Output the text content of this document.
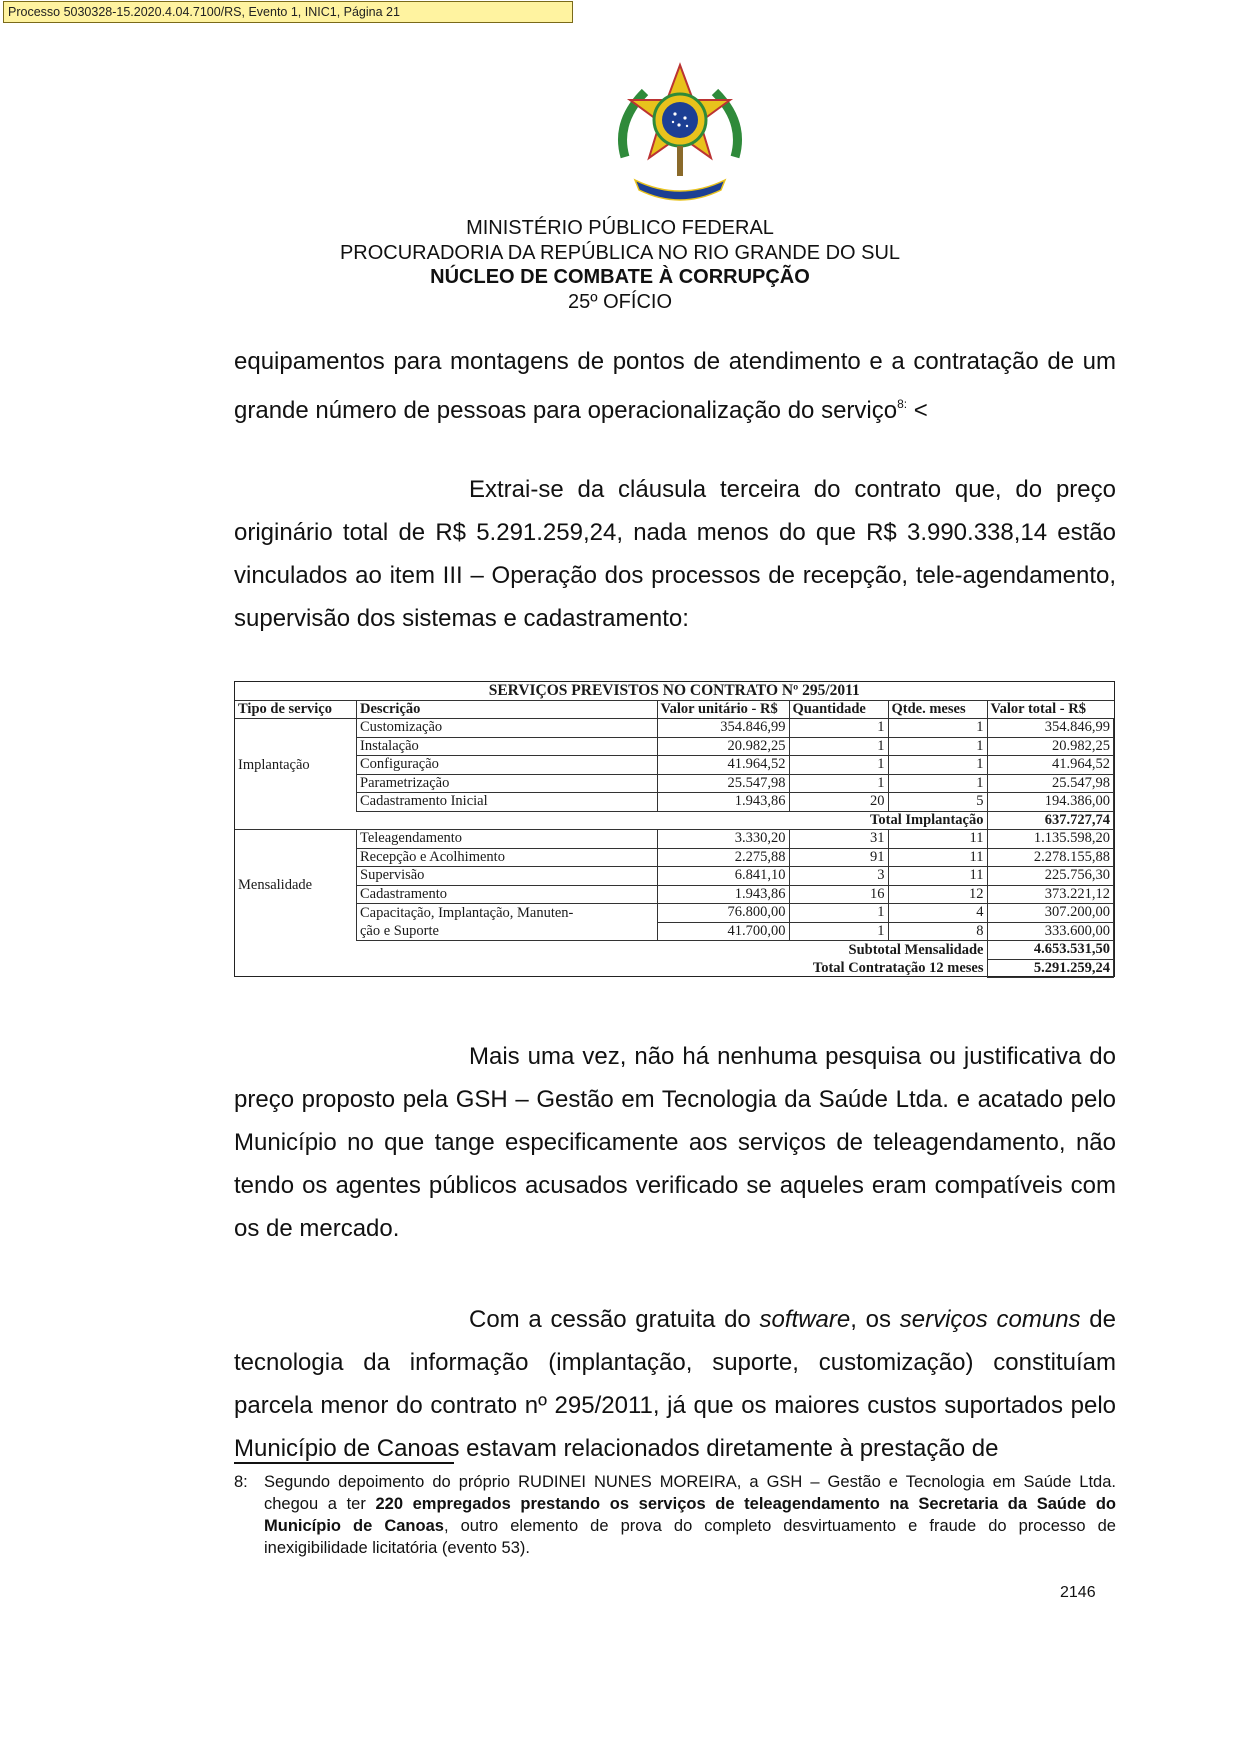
Processo 5030328-15.2020.4.04.7100/RS, Evento 1, INIC1, Página 21
MINISTÉRIO PÚBLICO FEDERAL
PROCURADORIA DA REPÚBLICA NO RIO GRANDE DO SUL
NÚCLEO DE COMBATE À CORRUPÇÃO
25º OFÍCIO

equipamentos para montagens de pontos de atendimento e a contratação de um grande número de pessoas para operacionalização do serviço$^{8:}$ <

Extrai-se da cláusula terceira do contrato que, do preço originário total de R$ 5.291.259,24, nada menos do que R$ 3.990.338,14 estão vinculados ao item III – Operação dos processos de recepção, tele-agendamento, supervisão dos sistemas e cadastramento:

SERVIÇOS PREVISTOS NO CONTRATO Nº 295/2011					
Tipo de serviço	Descrição	Valor unitário - R$	Quantidade	Qtde. meses	Valor total - R$
Implantação	Customização	354.846,99	1	1	354.846,99
	Instalação	20.982,25	1	1	20.982,25
	Configuração	41.964,52	1	1	41.964,52
	Parametrização	25.547,98	1	1	25.547,98
	Cadastramento Inicial	1.943,86	20	5	194.386,00
	Total Implantação				637.727,74
Mensalidade	Teleagendamento	3.330,20	31	11	1.135.598,20
	Recepção e Acolhimento	2.275,88	91	11	2.278.155,88
	Supervisão	6.841,10	3	11	225.756,30
	Cadastramento	1.943,86	16	12	373.221,12
	Capacitação, Implantação, Manuten-	76.800,00	1	4	307.200,00
	ção e Suporte	41.700,00	1	8	333.600,00
	Subtotal Mensalidade				4.653.531,50
	Total Contratação 12 meses				5.291.259,24

Mais uma vez, não há nenhuma pesquisa ou justificativa do preço proposto pela GSH – Gestão em Tecnologia da Saúde Ltda. e acatado pelo Município no que tange especificamente aos serviços de teleagendamento, não tendo os agentes públicos acusados verificado se aqueles eram compatíveis com os de mercado.

Com a cessão gratuita do software, os serviços comuns de tecnologia da informação (implantação, suporte, customização) constituíam parcela menor do contrato nº 295/2011, já que os maiores custos suportados pelo Município de Canoas estavam relacionados diretamente à prestação de

8: Segundo depoimento do próprio RUDINEI NUNES MOREIRA, a GSH – Gestão e Tecnologia em Saúde Ltda. chegou a ter 220 empregados prestando os serviços de teleagendamento na Secretaria da Saúde do Município de Canoas, outro elemento de prova do completo desvirtuamento e fraude do processo de inexigibilidade licitatória (evento 53).
2146
